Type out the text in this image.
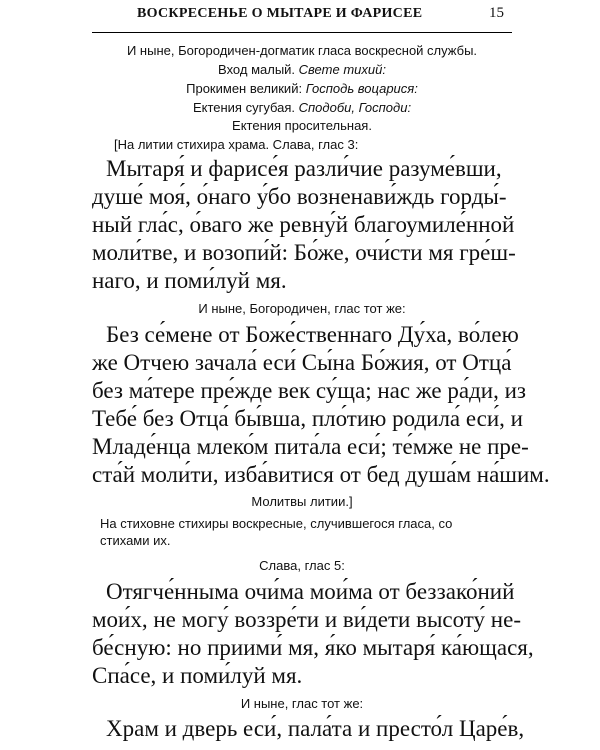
ВОСКРЕСЕНЬЕ О МЫТАРЕ И ФАРИСЕЕ	15

И ныне, Богородичен-догматик гласа воскресной службы.

Вход малый. Свете тихий:

Прокимен великий: Господь воцарися:

Ектения сугубая. Сподоби, Господи:

Ектения просительная.

[На литии стихира храма. Слава, глас 3:

Мытаря́ и фарисе́я разли́чие разуме́вши,
душе́ моя́, о́наго у́бо возненави́ждь горды́-
ный гла́с, о́ваго же ревну́й благоумиле́нной
моли́тве, и возопи́й: Бо́же, очи́сти мя гре́ш-
наго, и поми́луй мя.

И ныне, Богородичен, глас тот же:

Без се́мене от Боже́ственнаго Ду́ха, во́лею
же Отчею зачала́ еси́ Сы́на Бо́жия, от Отца́
без ма́тере пре́жде век су́ща; нас же ра́ди, из
Тебе́ без Отца́ бы́вша, пло́тию родила́ еси́, и
Младе́нца млеко́м пита́ла еси́; те́мже не пре-
ста́й моли́ти, изба́витися от бед душа́м на́шим.

Молитвы литии.]

На стиховне стихиры воскресные, случившегося гласа, со стихами их.

Слава, глас 5:

Отягче́нныма очи́ма мои́ма от беззако́ний
мои́х, не могу́ воззре́ти и ви́дети высоту́ не-
бе́сную: но приими́ мя, я́ко мытаря́ ка́ющася,
Спа́се, и поми́луй мя.

И ныне, глас тот же:

Храм и дверь еси́, пала́та и престо́л Царе́в,
